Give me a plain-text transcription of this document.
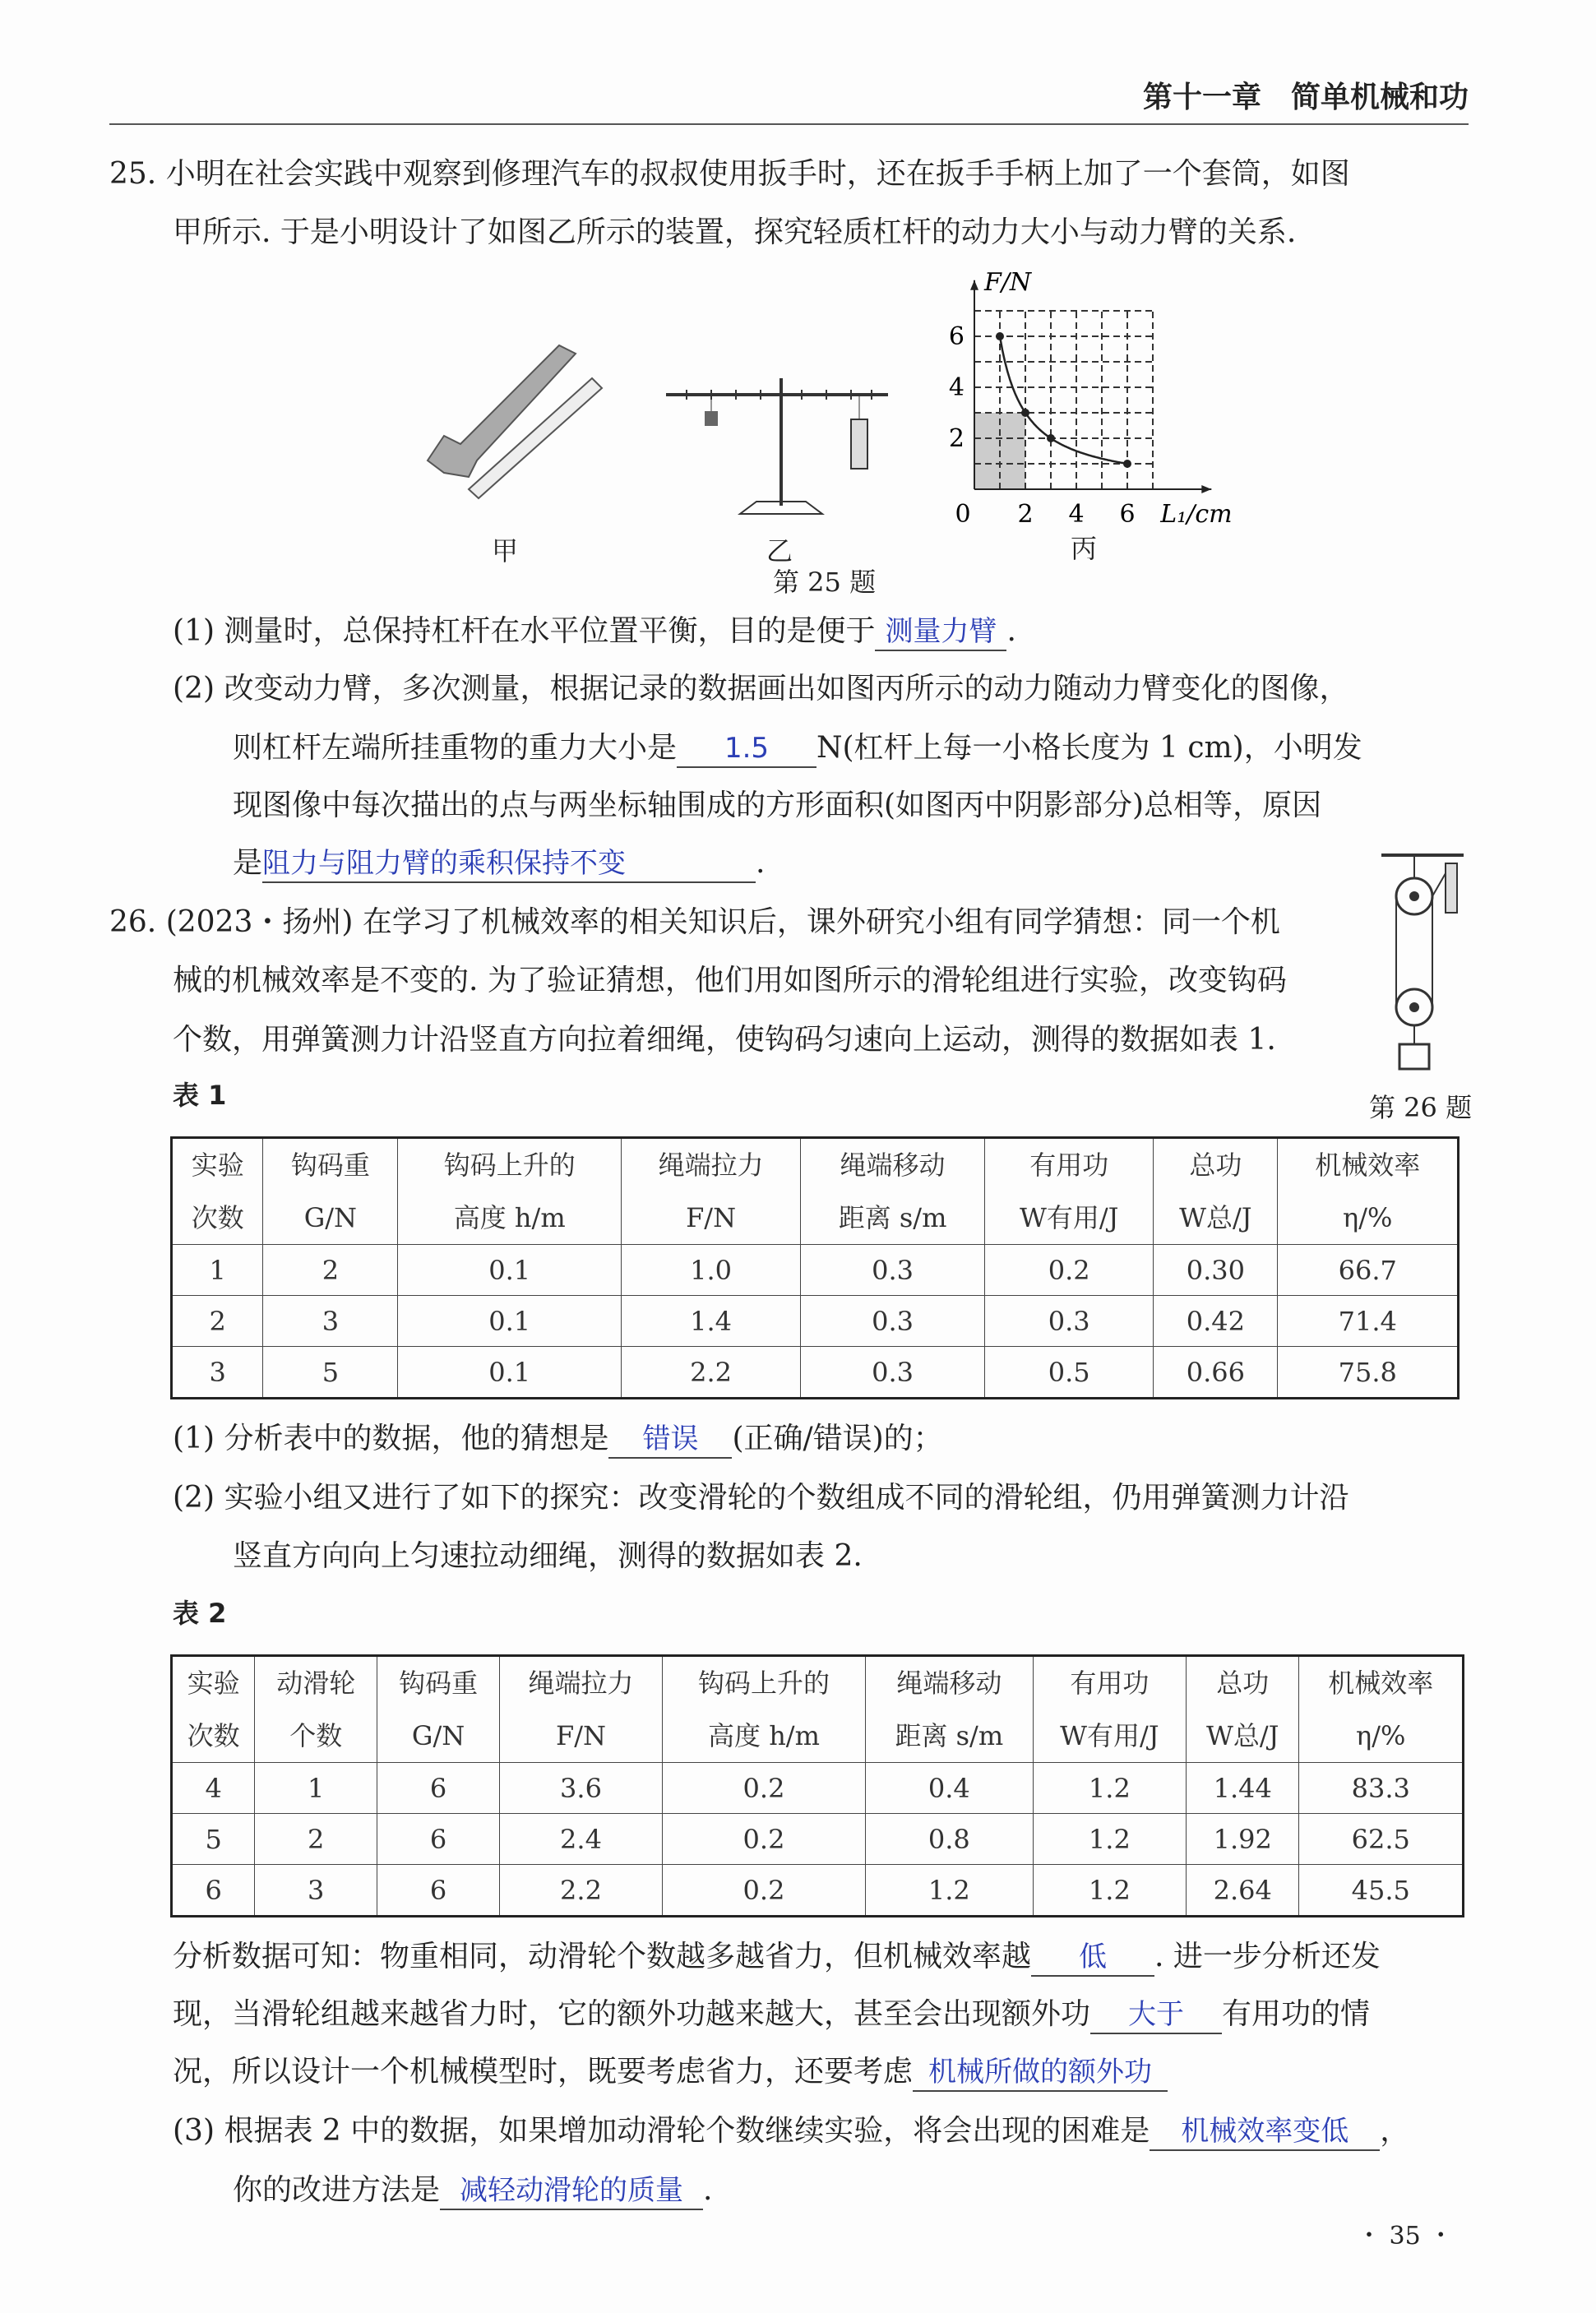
第十一章　简单机械和功
25. 小明在社会实践中观察到修理汽车的叔叔使用扳手时，还在扳手手柄上加了一个套筒，如图
甲所示. 于是小明设计了如图乙所示的装置，探究轻质杠杆的动力大小与动力臂的关系.
0 2 4 6
2
4
6
F/N
L₁/cm
甲	乙	丙
第 25 题
(1) 测量时，总保持杠杆在水平位置平衡，目的是便于 测量力臂 .
(2) 改变动力臂，多次测量，根据记录的数据画出如图丙所示的动力随动力臂变化的图像，
则杠杆左端所挂重物的重力大小是 1.5 N(杠杆上每一小格长度为 1 cm)，小明发
现图像中每次描出的点与两坐标轴围成的方形面积(如图丙中阴影部分)总相等，原因
是阻力与阻力臂的乘积保持不变	.
26. (2023・扬州) 在学习了机械效率的相关知识后，课外研究小组有同学猜想：同一个机
械的机械效率是不变的. 为了验证猜想，他们用如图所示的滑轮组进行实验，改变钩码
个数，用弹簧测力计沿竖直方向拉着细绳，使钩码匀速向上运动，测得的数据如表 1.
表 1	第 26 题
实验	钩码重	钩码上升的	绳端拉力	绳端移动	有用功	总功	机械效率
次数	G/N	高度 h/m	F/N	距离 s/m	W有用/J	W总/J	η/%
1	2	0.1	1.0	0.3	0.2	0.30	66.7
2	3	0.1	1.4	0.3	0.3	0.42	71.4
3	5	0.1	2.2	0.3	0.5	0.66	75.8
(1) 分析表中的数据，他的猜想是 错误 (正确/错误)的；
(2) 实验小组又进行了如下的探究：改变滑轮的个数组成不同的滑轮组，仍用弹簧测力计沿
竖直方向向上匀速拉动细绳，测得的数据如表 2.
表 2
实验	动滑轮	钩码重	绳端拉力	钩码上升的	绳端移动	有用功	总功	机械效率
次数	个数	G/N	F/N	高度 h/m	距离 s/m	W有用/J	W总/J	η/%
4	1	6	3.6	0.2	0.4	1.2	1.44	83.3
5	2	6	2.4	0.2	0.8	1.2	1.92	62.5
6	3	6	2.2	0.2	1.2	1.2	2.64	45.5
分析数据可知：物重相同，动滑轮个数越多越省力，但机械效率越 低 . 进一步分析还发
现，当滑轮组越来越省力时，它的额外功越来越大，甚至会出现额外功 大于 有用功的情
况，所以设计一个机械模型时，既要考虑省力，还要考虑 机械所做的额外功
(3) 根据表 2 中的数据，如果增加动滑轮个数继续实验，将会出现的困难是 机械效率变低 ，
你的改进方法是 减轻动滑轮的质量 .
・ 35 ・
